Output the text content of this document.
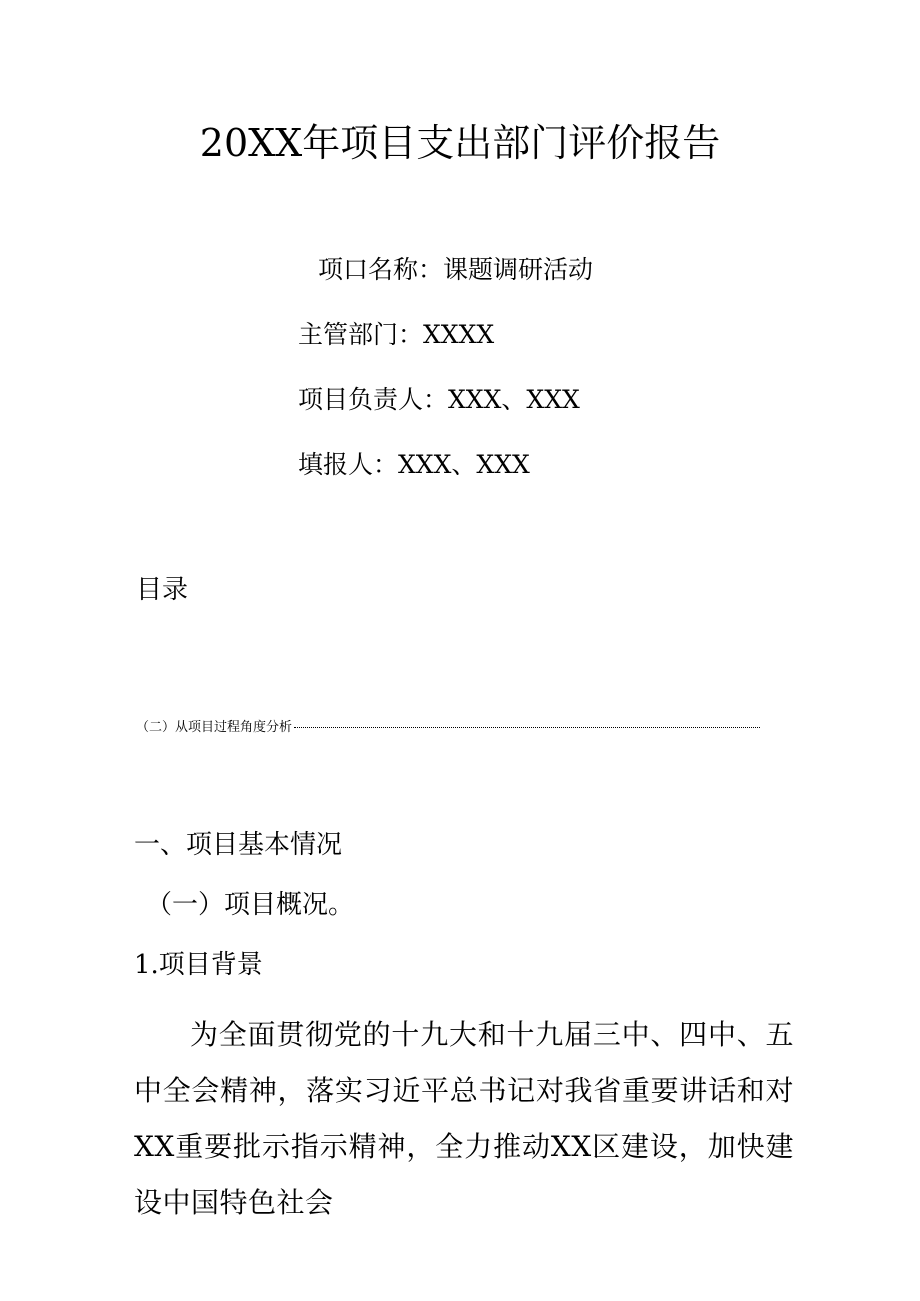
20XX年项目支出部门评价报告
项口名称：课题调研活动
主管部门：XXXX
项目负责人：XXX、XXX
填报人：XXX、XXX
目录
（二）从项目过程角度分析
一、项目基本情况
（一）项目概况。
1.项目背景
为全面贯彻党的十九大和十九届三中、四中、五中全会精神，落实习近平总书记对我省重要讲话和对XX重要批示指示精神，全力推动XX区建设，加快建设中国特色社会
